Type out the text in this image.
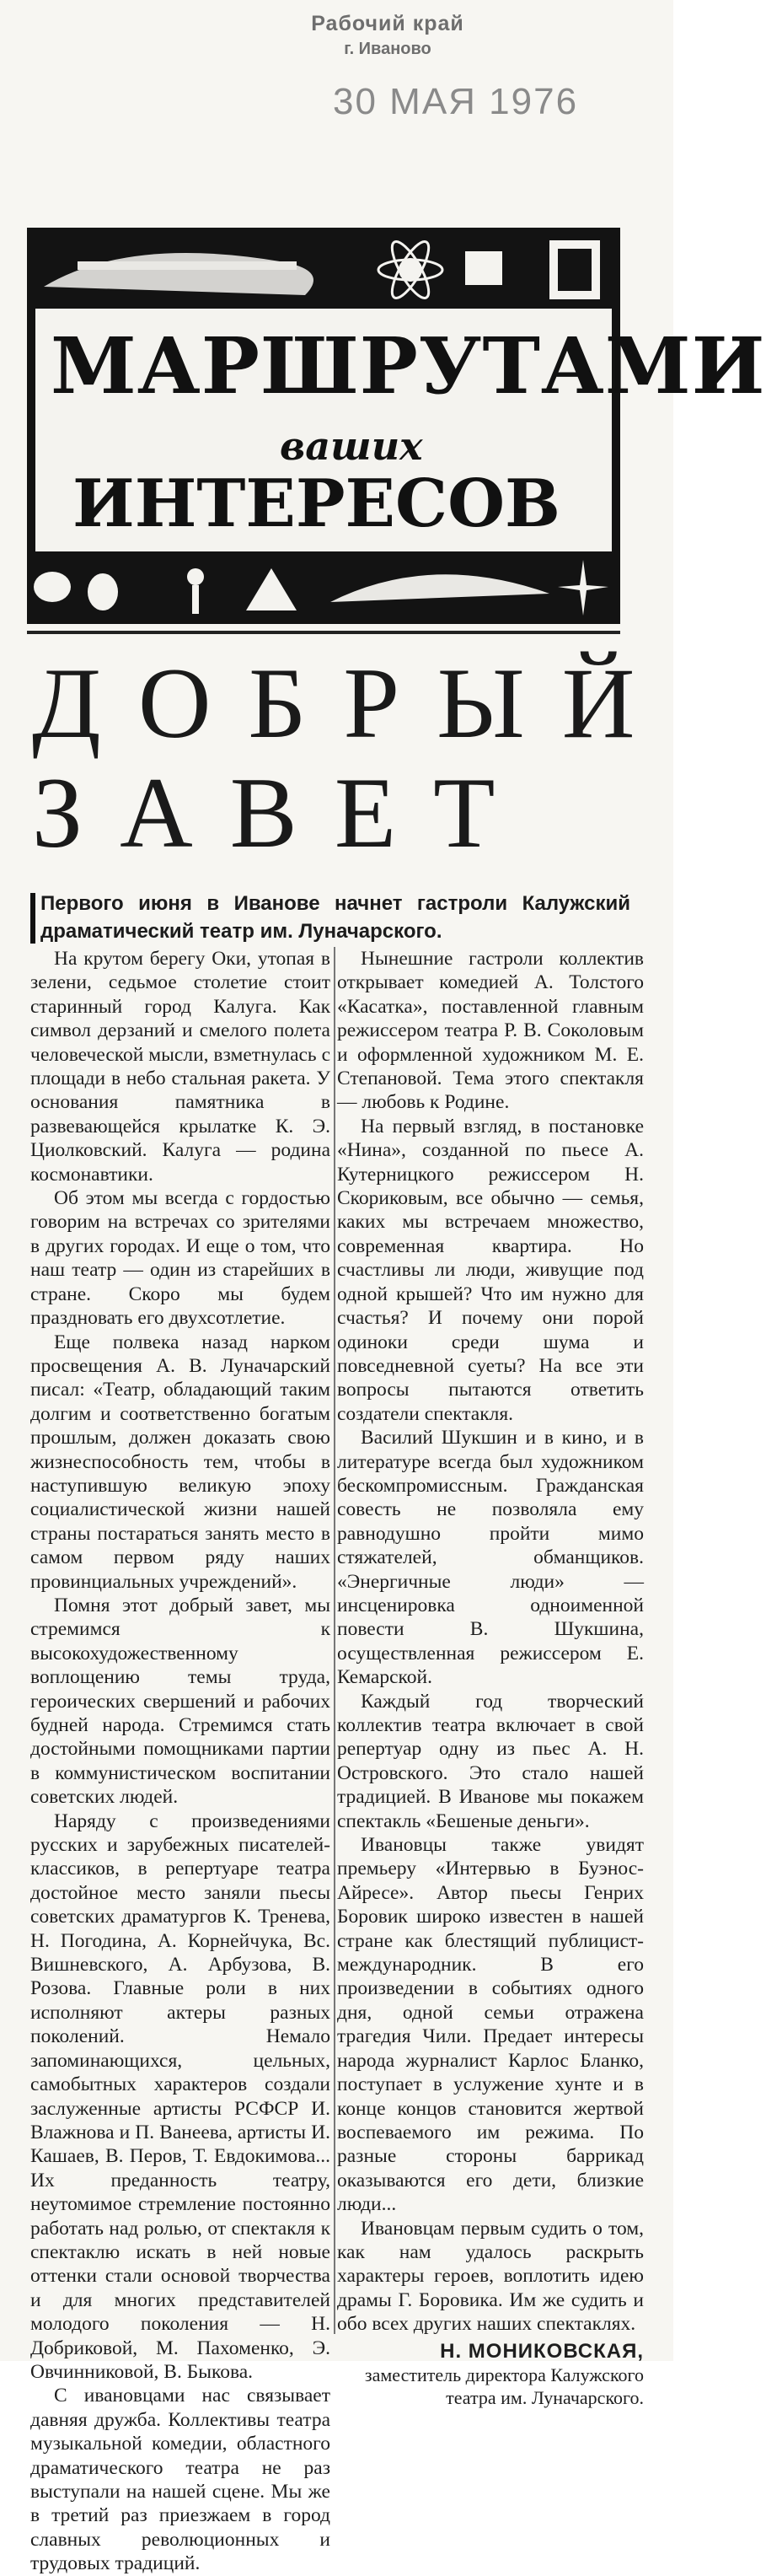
Рабочий край
г. Иваново
30 МАЯ 1976
МАРШРУТАМИ
ваших
ИНТЕРЕСОВ
ДОБРЫЙ
ЗАВЕТ
Первого июня в Иванове начнет гастроли Калужский драматический театр им. Луначарского.

На крутом берегу Оки, утопая в зелени, седьмое столетие стоит старинный город Калуга. Как символ дерзаний и смелого полета человеческой мысли, взметнулась с площади в небо стальная ракета. У основания памятника в развевающейся крылатке К. Э. Циолковский. Калуга — родина космонавтики.

Об этом мы всегда с гордостью говорим на встречах со зрителями в других городах. И еще о том, что наш театр — один из старейших в стране. Скоро мы будем праздновать его двухсотлетие.

Еще полвека назад нарком просвещения А. В. Луначарский писал: «Театр, обладающий таким долгим и соответственно богатым прошлым, должен доказать свою жизнеспособность тем, чтобы в наступившую великую эпоху социалистической жизни нашей страны постараться занять место в самом первом ряду наших провинциальных учреждений».

Помня этот добрый завет, мы стремимся к высокохудожественному воплощению темы труда, героических свершений и рабочих будней народа. Стремимся стать достойными помощниками партии в коммунистическом воспитании советских людей.

Наряду с произведениями русских и зарубежных писателей-классиков, в репертуаре театра достойное место заняли пьесы советских драматургов К. Тренева, Н. Погодина, А. Корнейчука, Вс. Вишневского, А. Арбузова, В. Розова. Главные роли в них исполняют актеры разных поколений. Немало запоминающихся, цельных, самобытных характеров создали заслуженные артисты РСФСР И. Влажнова и П. Ванеева, артисты И. Кашаев, В. Перов, Т. Евдокимова... Их преданность театру, неутомимое стремление постоянно работать над ролью, от спектакля к спектаклю искать в ней новые оттенки стали основой творчества и для многих представителей молодого поколения — Н. Добриковой, М. Пахоменко, Э. Овчинниковой, В. Быкова.

С ивановцами нас связывает давняя дружба. Коллективы театра музыкальной комедии, областного драматического театра не раз выступали на нашей сцене. Мы же в третий раз приезжаем в город славных революционных и трудовых традиций.

Нынешние гастроли коллектив открывает комедией А. Толстого «Касатка», поставленной главным режиссером театра Р. В. Соколовым и оформленной художником М. Е. Степановой. Тема этого спектакля — любовь к Родине.

На первый взгляд, в постановке «Нина», созданной по пьесе А. Кутерницкого режиссером Н. Скориковым, все обычно — семья, каких мы встречаем множество, современная квартира. Но счастливы ли люди, живущие под одной крышей? Что им нужно для счастья? И почему они порой одиноки среди шума и повседневной суеты? На все эти вопросы пытаются ответить создатели спектакля.

Василий Шукшин и в кино, и в литературе всегда был художником бескомпромиссным. Гражданская совесть не позволяла ему равнодушно пройти мимо стяжателей, обманщиков. «Энергичные люди» — инсценировка одноименной повести В. Шукшина, осуществленная режиссером Е. Кемарской.

Каждый год творческий коллектив театра включает в свой репертуар одну из пьес А. Н. Островского. Это стало нашей традицией. В Иванове мы покажем спектакль «Бешеные деньги».

Ивановцы также увидят премьеру «Интервью в Буэнос-Айресе». Автор пьесы Генрих Боровик широко известен в нашей стране как блестящий публицист-международник. В его произведении в событиях одного дня, одной семьи отражена трагедия Чили. Предает интересы народа журналист Карлос Бланко, поступает в услужение хунте и в конце концов становится жертвой воспеваемого им режима. По разные стороны баррикад оказываются его дети, близкие люди...

Ивановцам первым судить о том, как нам удалось раскрыть характеры героев, воплотить идею драмы Г. Боровика. Им же судить и обо всех других наших спектаклях.

Н. МОНИКОВСКАЯ,
заместитель директора Калужского театра им. Луначарского.
